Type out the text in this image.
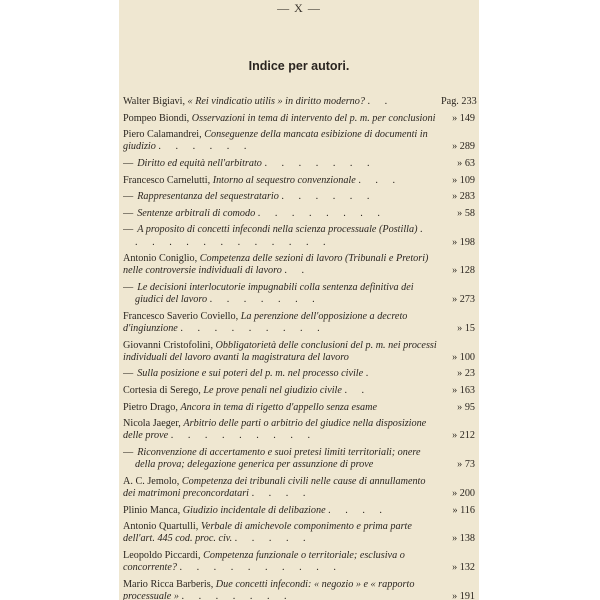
— X —
Indice per autori.
Walter Bigiavi, « Rei vindicatio utilis » in diritto moderno? . .	Pag. 233
Pompeo Biondi, Osservazioni in tema di intervento del p. m. per conclusioni	» 149
Piero Calamandrei, Conseguenze della mancata esibizione di documenti in giudizio . . . . . .	» 289
— Diritto ed equità nell'arbitrato . . . . . . .	» 63
Francesco Carnelutti, Intorno al sequestro convenzionale . . .	» 109
— Rappresentanza del sequestratario . . . . . .	» 283
— Sentenze arbitrali di comodo . . . . . . . .	» 58
— A proposito di concetti infecondi nella scienza processuale (Postilla) . . . . . . . . . . . . .	» 198
Antonio Coniglio, Competenza delle sezioni di lavoro (Tribunali e Pretori) nelle controversie individuali di lavoro . .	» 128
— Le decisioni interlocutorie impugnabili colla sentenza definitiva dei giudici del lavoro . . . . . . .	» 273
Francesco Saverio Coviello, La perenzione dell'opposizione a decreto d'ingiunzione . . . . . . . . .	» 15
Giovanni Cristofolini, Obbligatorietà delle conclusioni del p. m. nei processi individuali del lavoro avanti la magistratura del lavoro	» 100
— Sulla posizione e sui poteri del p. m. nel processo civile .	» 23
Cortesia di Serego, Le prove penali nel giudizio civile . .	» 163
Pietro Drago, Ancora in tema di rigetto d'appello senza esame	» 95
Nicola Jaeger, Arbitrio delle parti o arbitrio del giudice nella disposizione delle prove . . . . . . . . .	» 212
— Riconvenzione di accertamento e suoi pretesi limiti territoriali; onere della prova; delegazione generica per assunzione di prove	» 73
A. C. Jemolo, Competenza dei tribunali civili nelle cause di annullamento dei matrimoni preconcordatari . . . .	» 200
Plinio Manca, Giudizio incidentale di delibazione . . . .	» 116
Antonio Quartulli, Verbale di amichevole componimento e prima parte dell'art. 445 cod. proc. civ. . . . . .	» 138
Leopoldo Piccardi, Competenza funzionale o territoriale; esclusiva o concorrente? . . . . . . . . . .	» 132
Mario Ricca Barberis, Due concetti infecondi: « negozio » e « rapporto processuale » . . . . . . .	» 191
